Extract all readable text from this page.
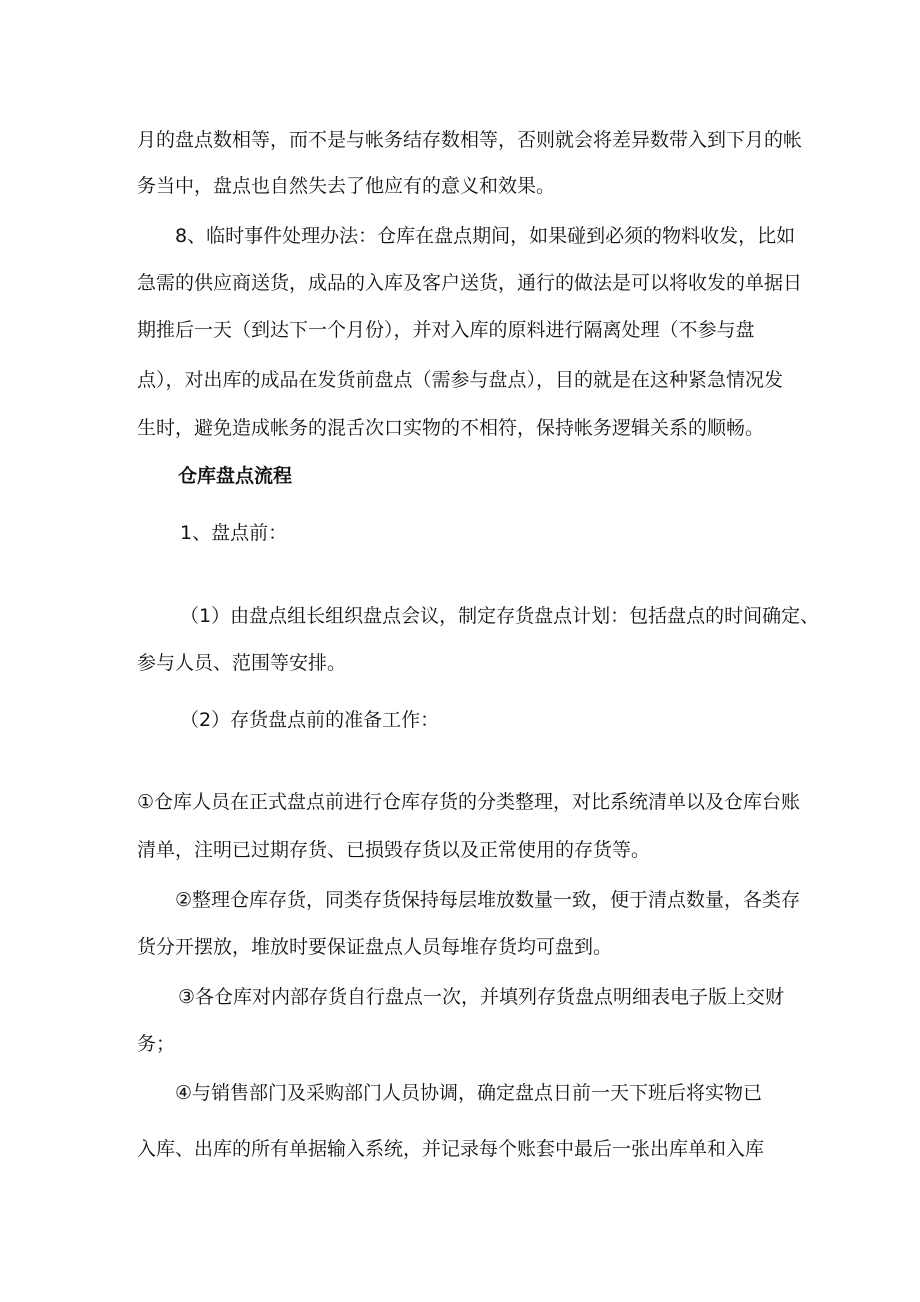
月的盘点数相等，而不是与帐务结存数相等，否则就会将差异数带入到下月的帐
务当中，盘点也自然失去了他应有的意义和效果。
8、临时事件处理办法：仓库在盘点期间，如果碰到必须的物料收发，比如
急需的供应商送货，成品的入库及客户送货，通行的做法是可以将收发的单据日
期推后一天（到达下一个月份），并对入库的原料进行隔离处理（不参与盘
点），对出库的成品在发货前盘点（需参与盘点），目的就是在这种紧急情况发
生时，避免造成帐务的混舌次口实物的不相符，保持帐务逻辑关系的顺畅。
仓库盘点流程
1、盘点前：
（1）由盘点组长组织盘点会议，制定存货盘点计划：包括盘点的时间确定、
参与人员、范围等安排。
（2）存货盘点前的准备工作：
①仓库人员在正式盘点前进行仓库存货的分类整理，对比系统清单以及仓库台账
清单，注明已过期存货、已损毁存货以及正常使用的存货等。
②整理仓库存货，同类存货保持每层堆放数量一致，便于清点数量，各类存
货分开摆放，堆放时要保证盘点人员每堆存货均可盘到。
③各仓库对内部存货自行盘点一次，并填列存货盘点明细表电子版上交财
务；
④与销售部门及采购部门人员协调，确定盘点日前一天下班后将实物已
入库、出库的所有单据输入系统，并记录每个账套中最后一张出库单和入库
